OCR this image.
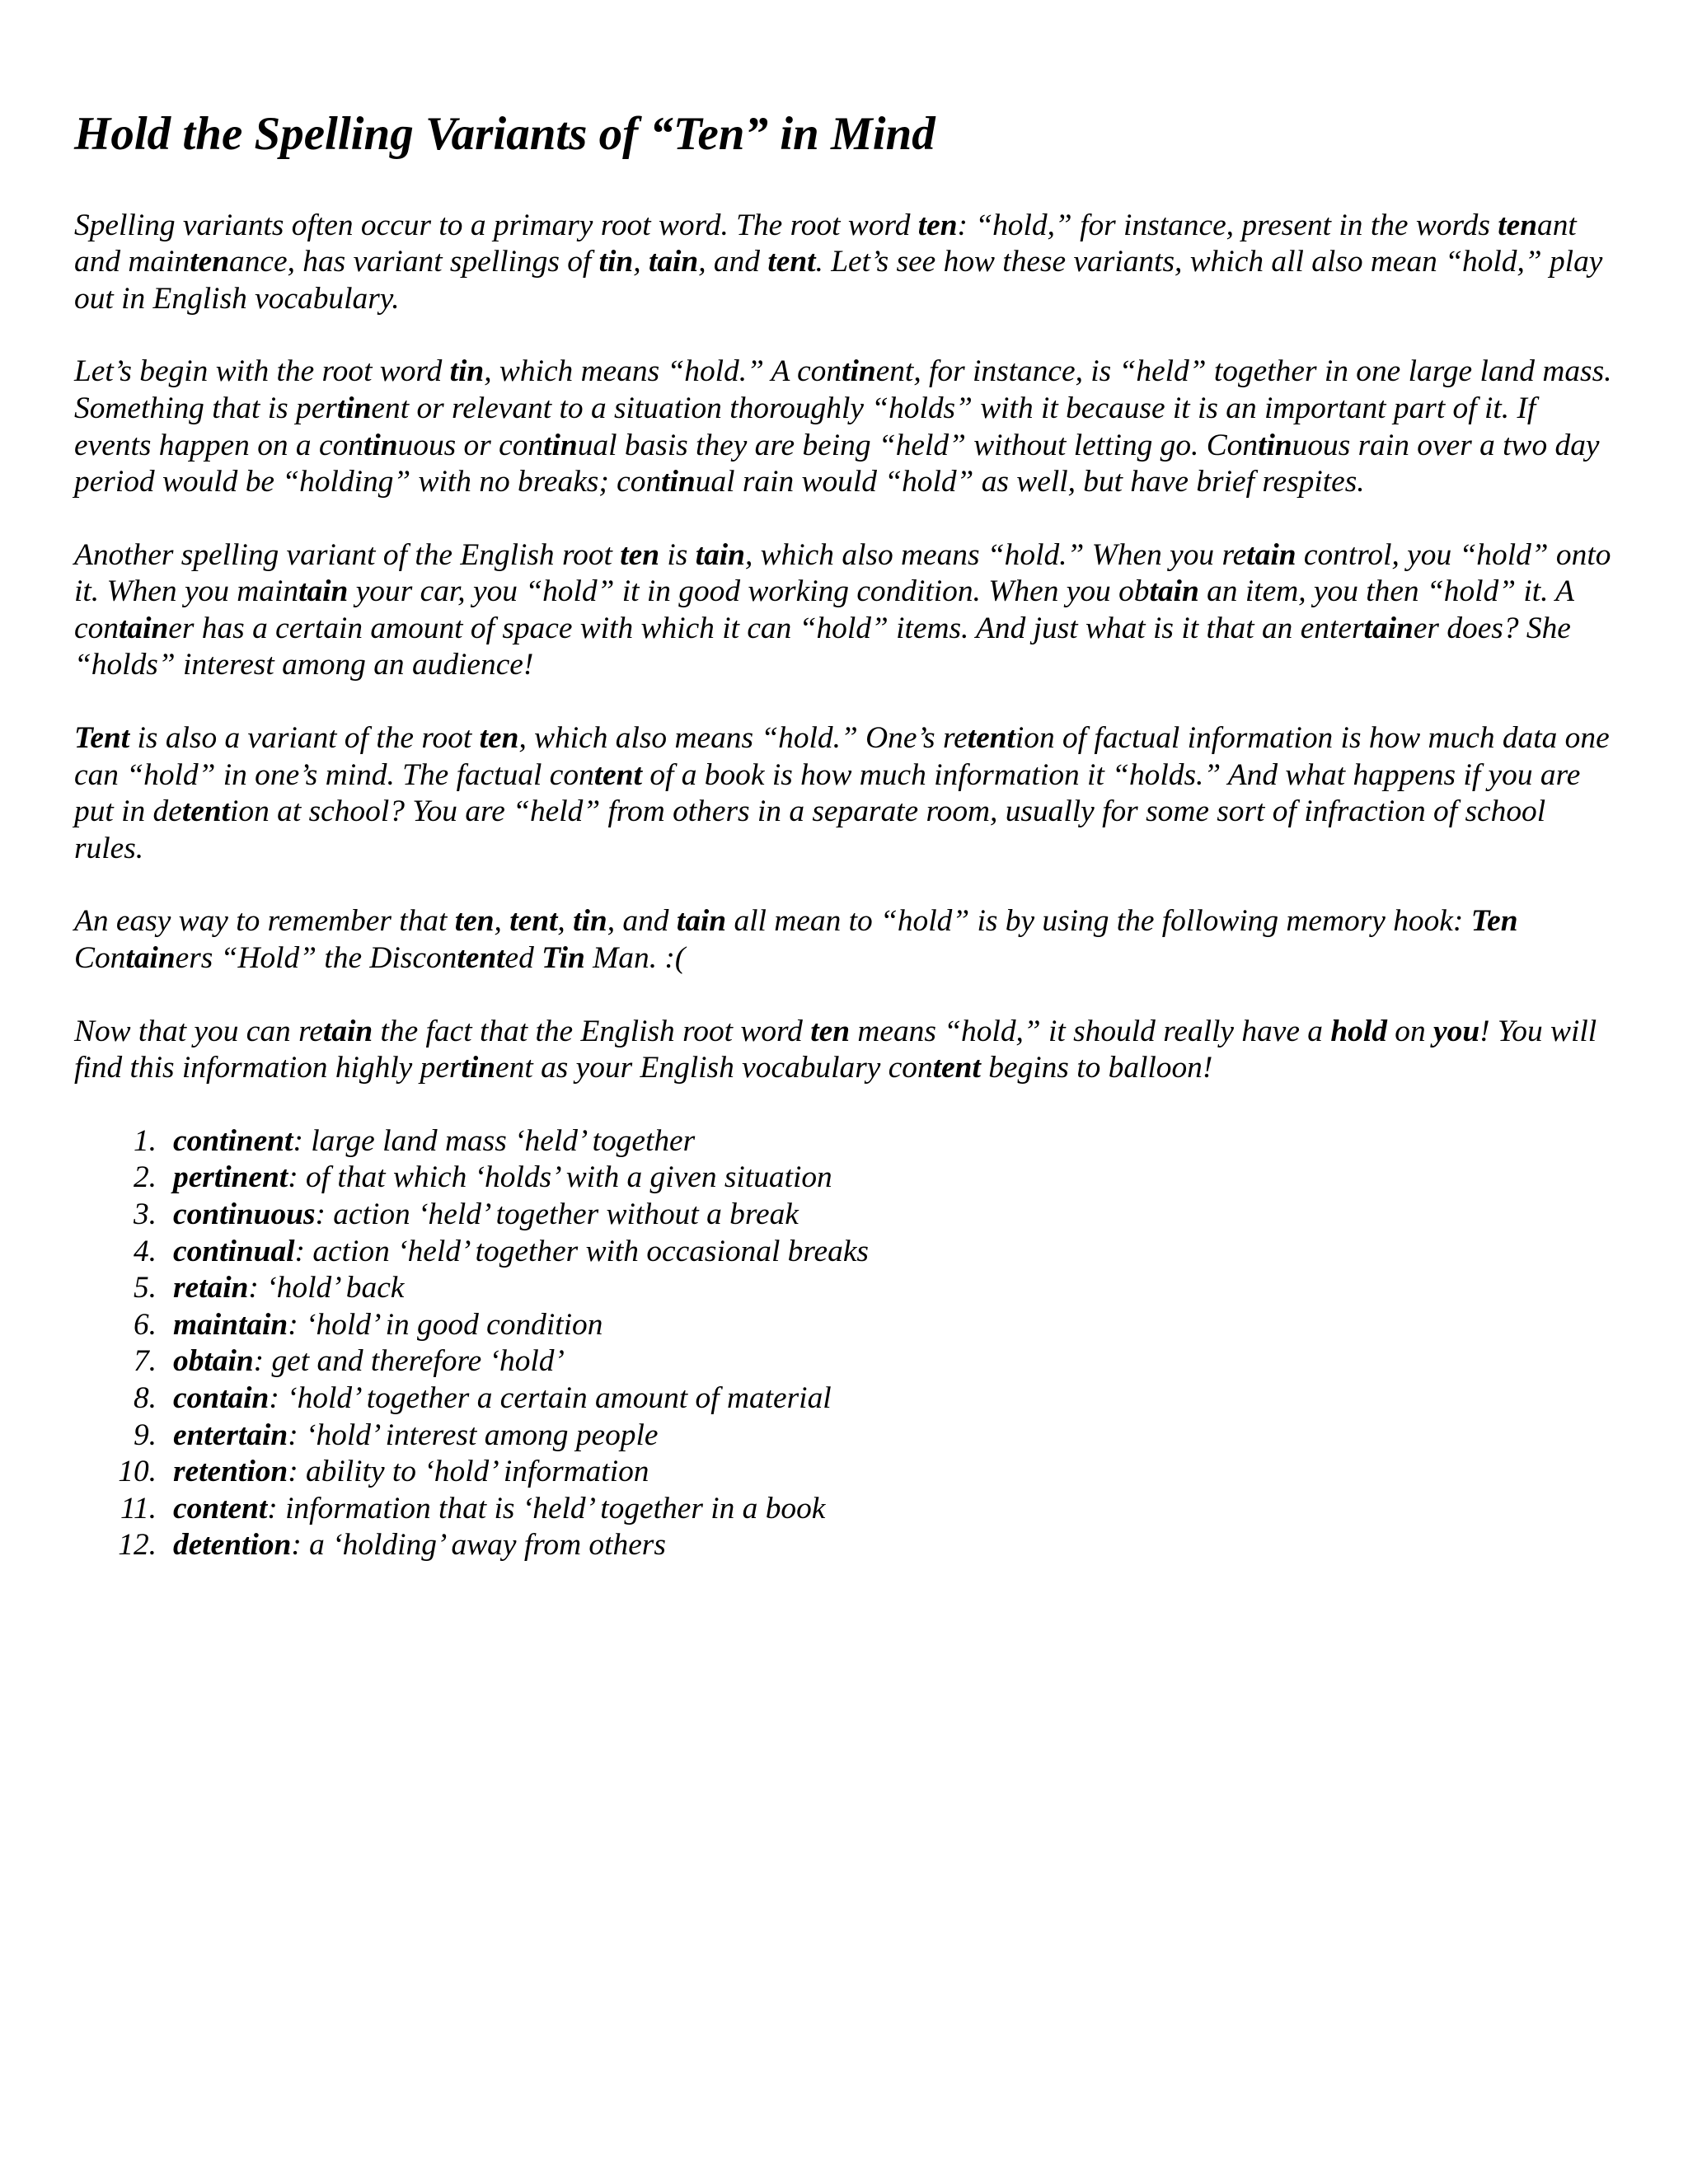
Hold the Spelling Variants of “Ten” in Mind

Spelling variants often occur to a primary root word. The root word ten: “hold,” for instance, present in the words tenant and maintenance, has variant spellings of tin, tain, and tent. Let’s see how these variants, which all also mean “hold,” play out in English vocabulary.

Let’s begin with the root word tin, which means “hold.” A continent, for instance, is “held” together in one large land mass. Something that is pertinent or relevant to a situation thoroughly “holds” with it because it is an important part of it. If events happen on a continuous or continual basis they are being “held” without letting go. Continuous rain over a two day period would be “holding” with no breaks; continual rain would “hold” as well, but have brief respites.

Another spelling variant of the English root ten is tain, which also means “hold.” When you retain control, you “hold” onto it. When you maintain your car, you “hold” it in good working condition. When you obtain an item, you then “hold” it. A container has a certain amount of space with which it can “hold” items. And just what is it that an entertainer does? She “holds” interest among an audience!

Tent is also a variant of the root ten, which also means “hold.” One’s retention of factual information is how much data one can “hold” in one’s mind. The factual content of a book is how much information it “holds.” And what happens if you are put in detention at school? You are “held” from others in a separate room, usually for some sort of infraction of school rules.

An easy way to remember that ten, tent, tin, and tain all mean to “hold” is by using the following memory hook: Ten Containers “Hold” the Discontented Tin Man. :(

Now that you can retain the fact that the English root word ten means “hold,” it should really have a hold on you! You will find this information highly pertinent as your English vocabulary content begins to balloon!

1. continent: large land mass ‘held’ together
2. pertinent: of that which ‘holds’ with a given situation
3. continuous: action ‘held’ together without a break
4. continual: action ‘held’ together with occasional breaks
5. retain: ‘hold’ back
6. maintain: ‘hold’ in good condition
7. obtain: get and therefore ‘hold’
8. contain: ‘hold’ together a certain amount of material
9. entertain: ‘hold’ interest among people
10. retention: ability to ‘hold’ information
11. content: information that is ‘held’ together in a book
12. detention: a ‘holding’ away from others
